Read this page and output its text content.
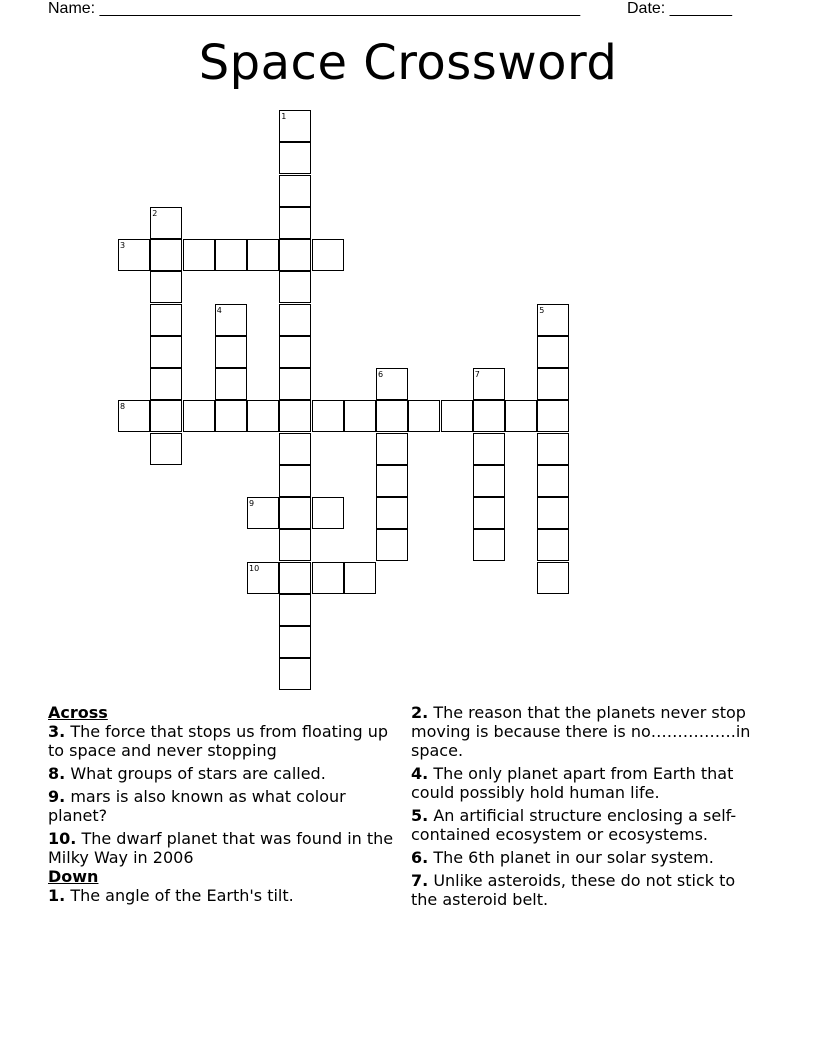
Name: ______________________________________________________	Date: _______
Space Crossword
1
2
3
4	5
6	7
8
9
10
Across
3. The force that stops us from floating up to space and never stopping
8. What groups of stars are called.
9. mars is also known as what colour planet?
10. The dwarf planet that was found in the Milky Way in 2006
Down
1. The angle of the Earth's tilt.
2. The reason that the planets never stop moving is because there is no…………….in space.
4. The only planet apart from Earth that could possibly hold human life.
5. An artificial structure enclosing a self-contained ecosystem or ecosystems.
6. The 6th planet in our solar system.
7. Unlike asteroids, these do not stick to the asteroid belt.
